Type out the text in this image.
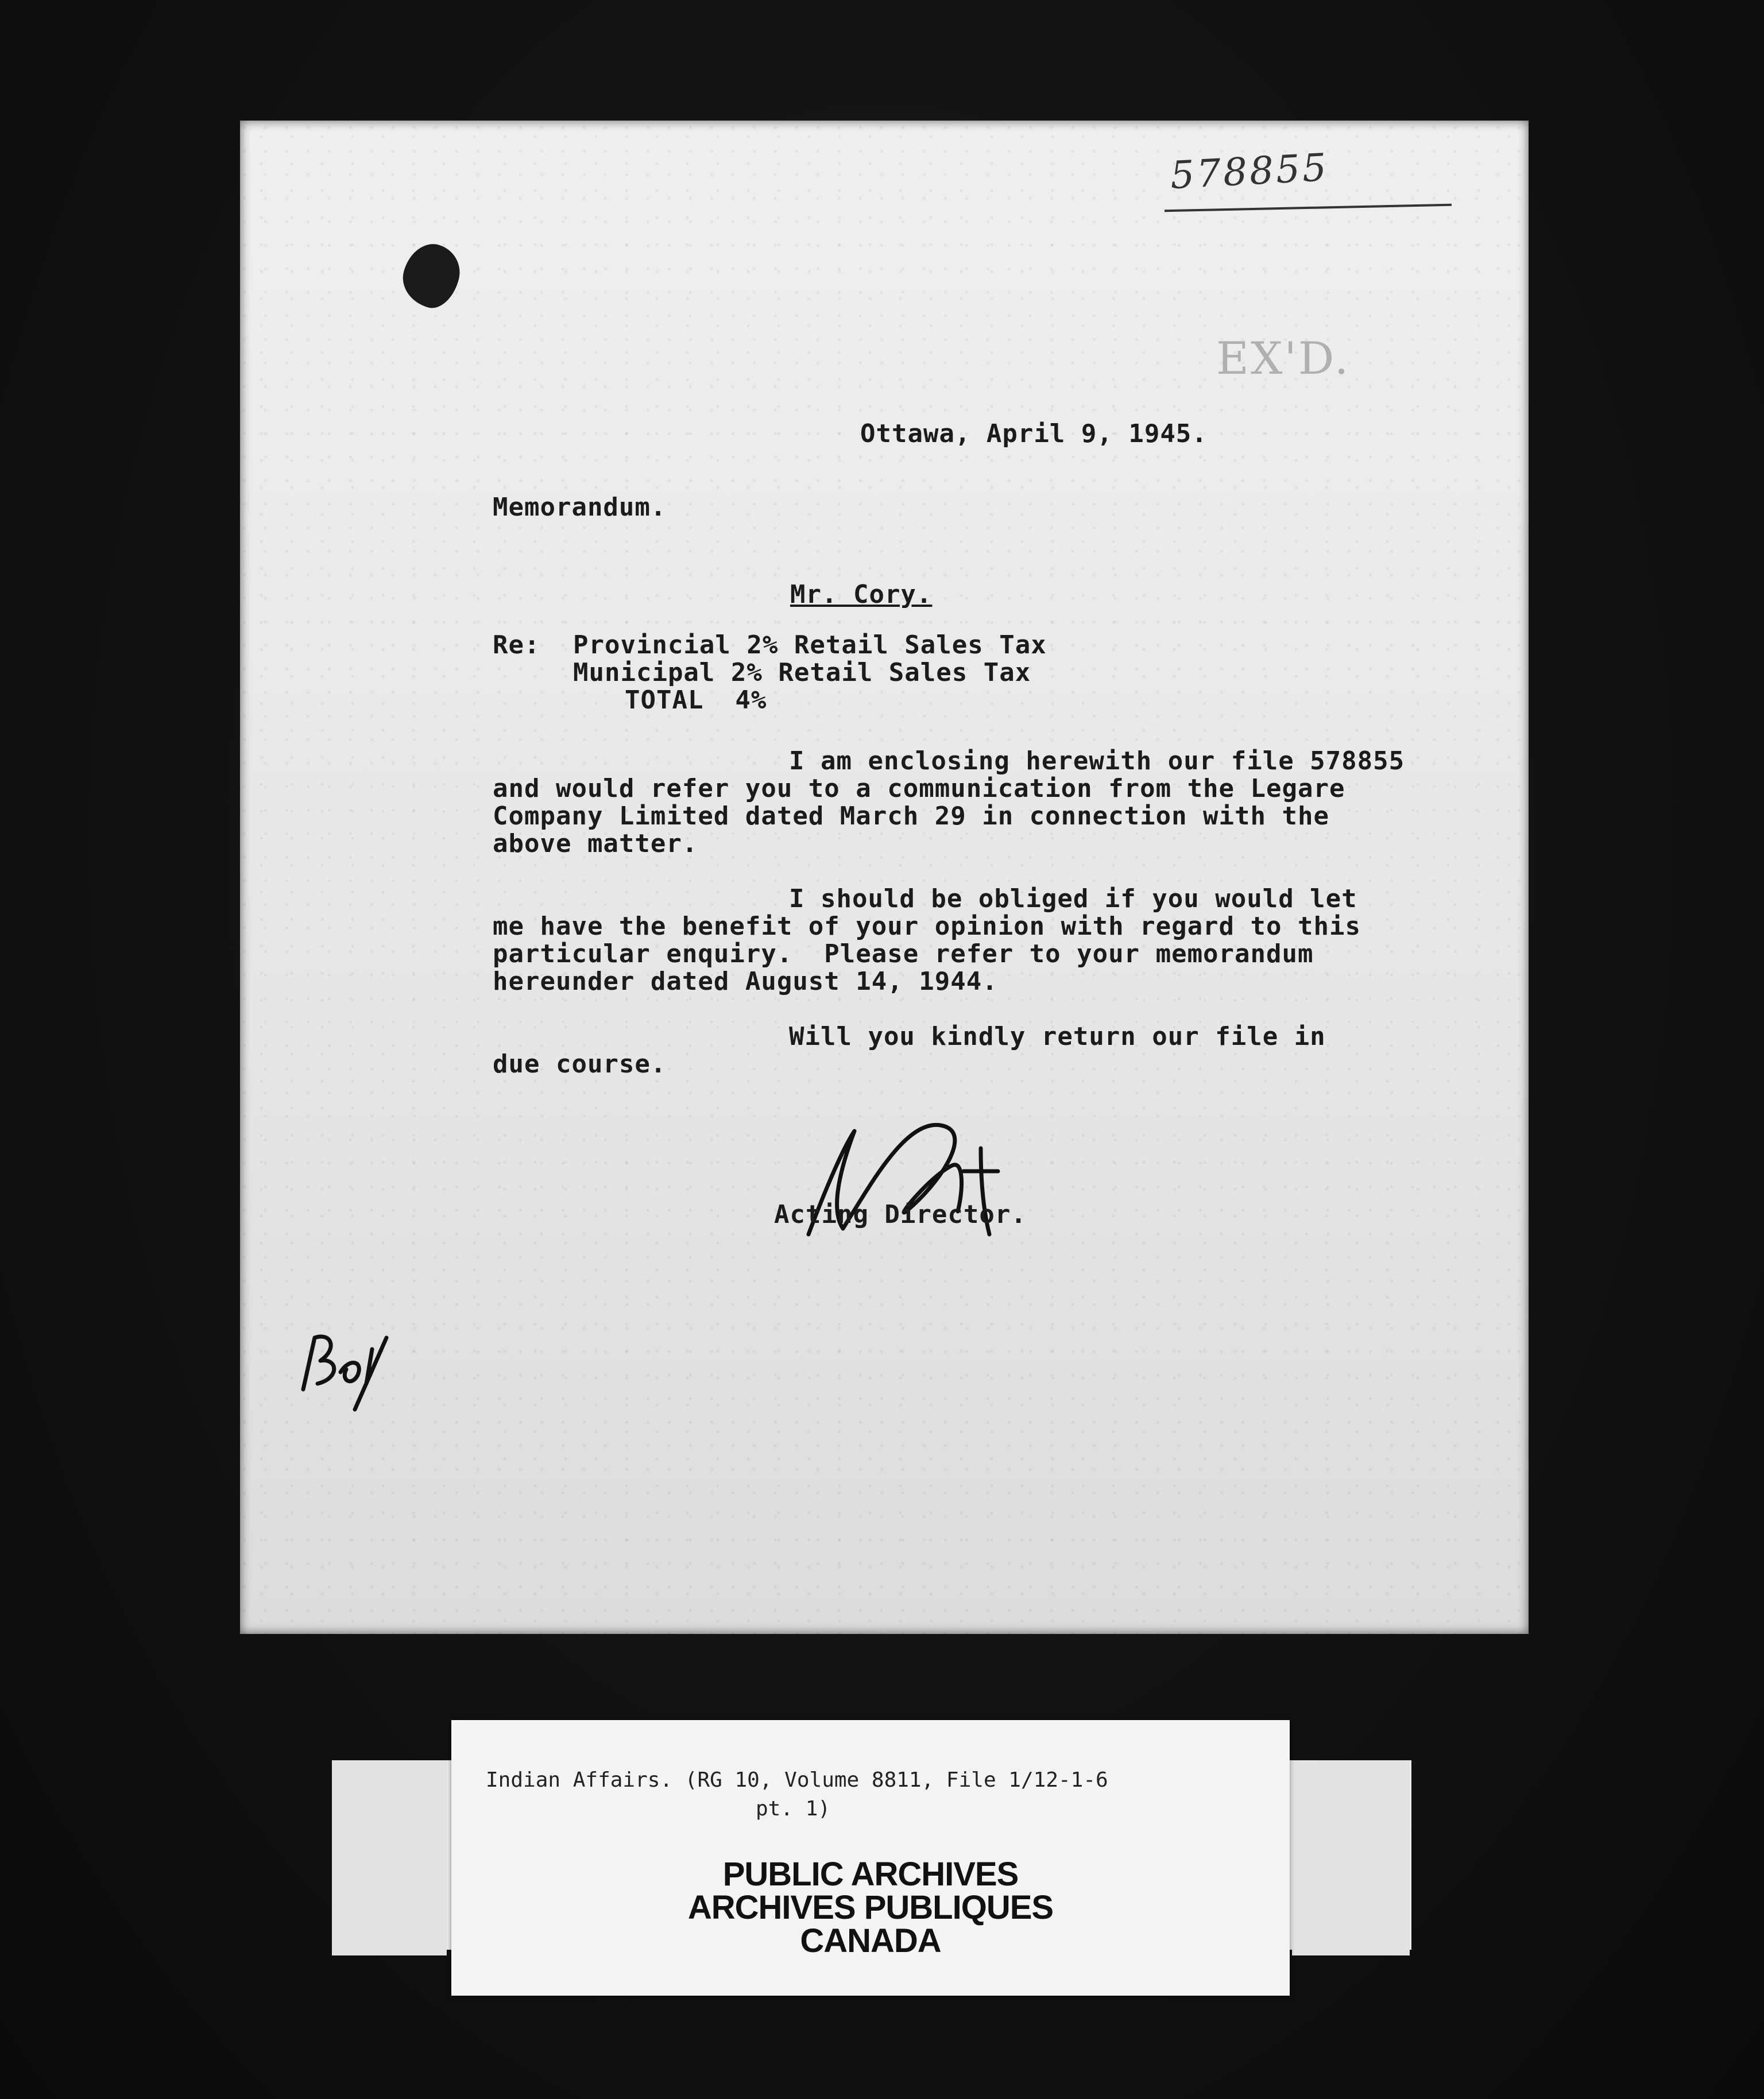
578855
EX'D.
Ottawa, April 9, 1945.
Memorandum.
Mr. Cory.
Re: Provincial 2% Retail Sales Tax
Municipal 2% Retail Sales Tax
TOTAL  4%
I am enclosing herewith our file 578855
and would refer you to a communication from the Legare
Company Limited dated March 29 in connection with the
above matter.
I should be obliged if you would let
me have the benefit of your opinion with regard to this
particular enquiry.  Please refer to your memorandum
hereunder dated August 14, 1944.
Will you kindly return our file in
due course.
Acting Director.
Indian Affairs. (RG 10, Volume 8811, File 1/12-1-6
pt. 1)
PUBLIC ARCHIVES
ARCHIVES PUBLIQUES
CANADA
